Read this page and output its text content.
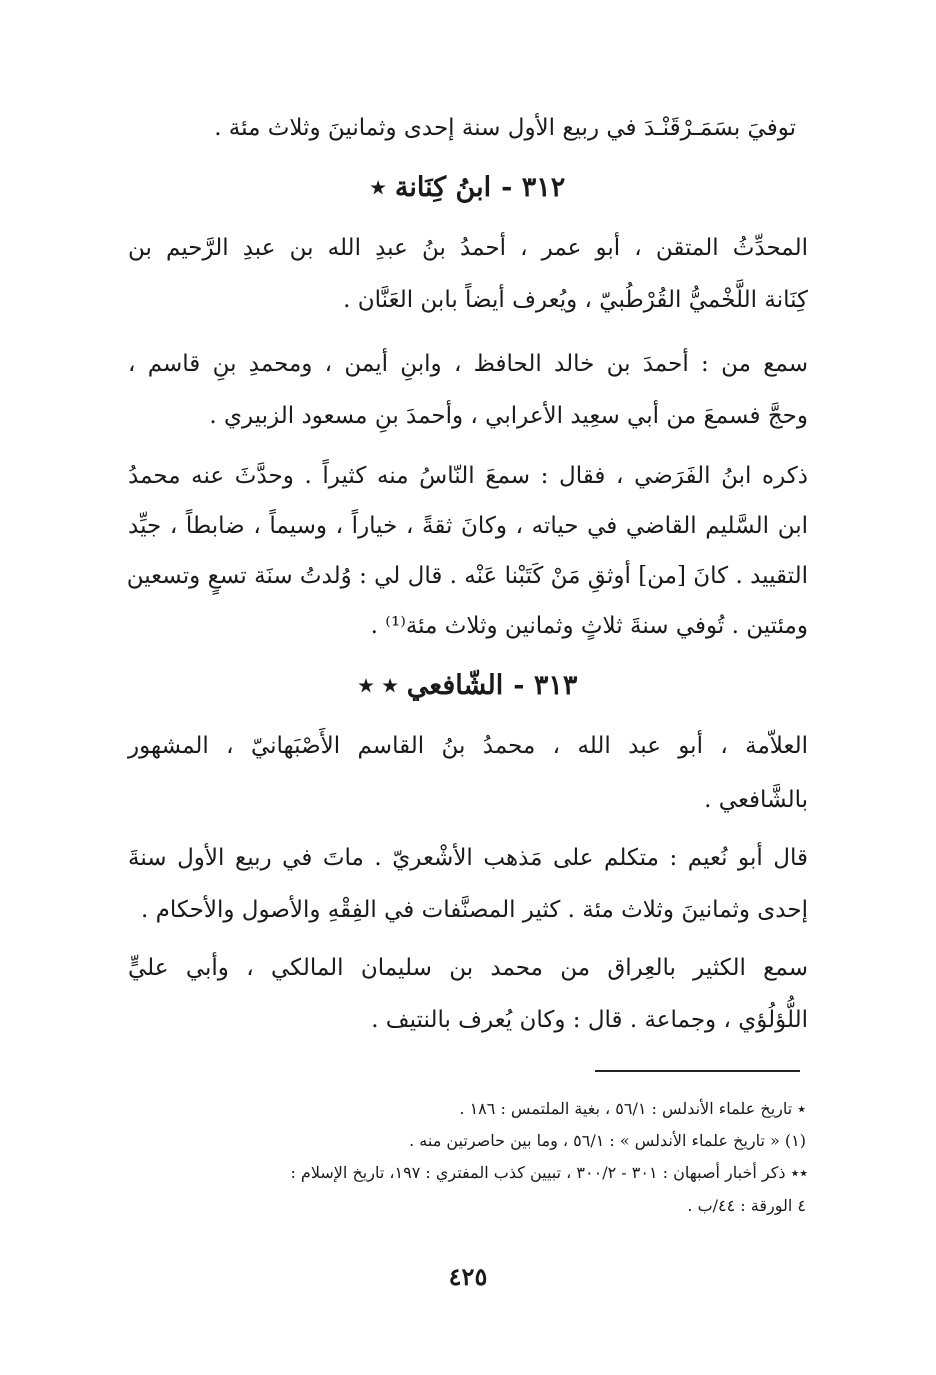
توفيَ بسَمَـرْقَنْـدَ في ربيع الأول سنة إحدى وثمانينَ وثلاث مئة .
٣١٢ -ابنُ كِنَانة ٭
المحدِّثُ المتقن ، أبو عمر ، أحمدُ بنُ عبدِ الله بن عبدِ الرَّحيم بن
كِنَانة اللَّخْميُّ القُرْطُبيّ ، ويُعرف أيضاً بابن العَنَّان .
سمع من : أحمدَ بن خالد الحافظ ، وابنِ أيمن ، ومحمدِ بنِ قاسم ،
وحجَّ فسمعَ من أبي سعِيد الأعرابي ، وأحمدَ بنِ مسعود الزبيري .
ذكره ابنُ الفَرَضي ، فقال : سمعَ النّاسُ منه كثيراً . وحدَّثَ عنه محمدُ
ابن السَّليم القاضي في حياته ، وكانَ ثقةً ، خياراً ، وسيماً ، ضابطاً ، جيِّد
التقييد . كانَ [من] أوثقِ مَنْ كَتَبْنا عَنْه . قال لي : وُلدتُ سنَة تسعٍ وتسعين
ومئتين . تُوفي سنةَ ثلاثٍ وثمانين وثلاث مئة⁽¹⁾ .
٣١٣ -الشّافعي ٭ ٭
العلاّمة ، أبو عبد الله ، محمدُ بنُ القاسم الأَصْبَهانيّ ، المشهور
بالشَّافعي .
قال أبو نُعيم : متكلم على مَذهب الأشْعريّ . ماتَ في ربيع الأول سنةَ
إحدى وثمانينَ وثلاث مئة . كثير المصنَّفات في الفِقْهِ والأصول والأحكام .
سمع الكثير بالعِراق من محمد بن سليمان المالكي ، وأبي عليٍّ
اللُّؤلُؤي ، وجماعة . قال : وكان يُعرف بالنتيف .
٭ تاريخ علماء الأندلس : ٥٦/١ ، بغية الملتمس : ١٨٦ .
(١) « تاريخ علماء الأندلس » : ٥٦/١ ، وما بين حاصرتين منه .
٭٭ ذكر أخبار أصبهان : ٣٠١ - ٣٠٠/٢ ، تبيين كذب المفتري : ١٩٧، تاريخ الإسلام :
٤ الورقة : ٤٤/ب .
٤٢٥
